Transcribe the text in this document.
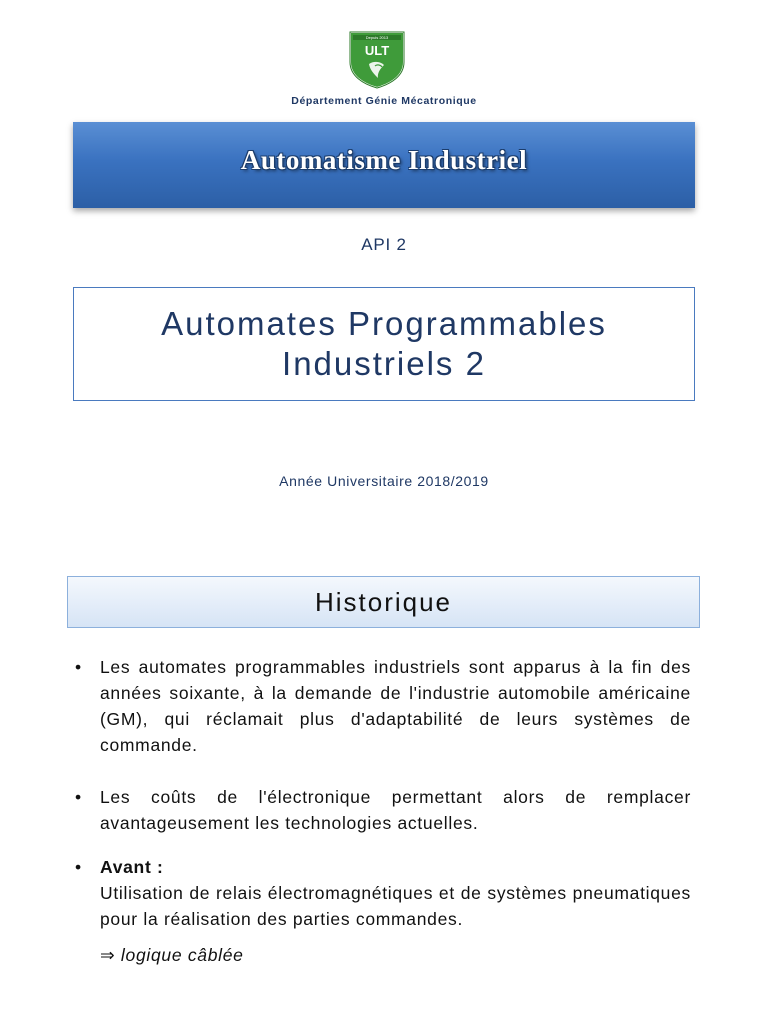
Depuis 2013
ULT
Département Génie Mécatronique
Automatisme Industriel
API 2
Automates Programmables
Industriels 2
Année Universitaire 2018/2019
Historique
• Les automates programmables industriels sont apparus à la fin des années soixante, à la demande de l'industrie automobile américaine (GM), qui réclamait plus d'adaptabilité de leurs systèmes de commande.
• Les coûts de l'électronique permettant alors de remplacer avantageusement les technologies actuelles.
• Avant :
Utilisation de relais électromagnétiques et de systèmes pneumatiques pour la réalisation des parties commandes.
⇒ logique câblée
